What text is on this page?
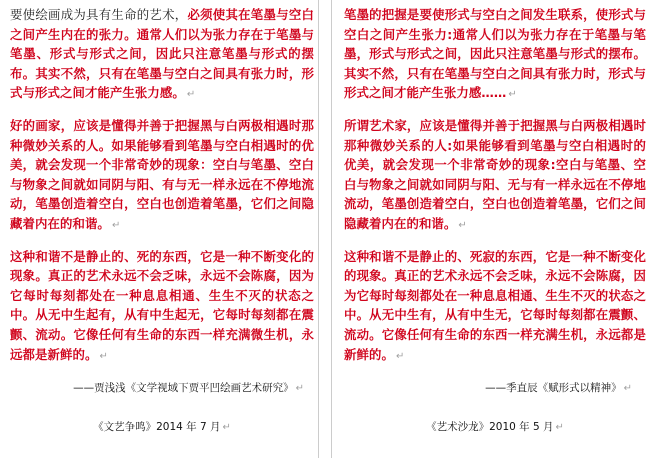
要使绘画成为具有生命的艺术，必须使其在笔墨与空白之间产生内在的张力。通常人们以为张力存在于笔墨与笔墨、形式与形式之间，因此只注意笔墨与形式的摆布。其实不然，只有在笔墨与空白之间具有张力时，形式与形式之间才能产生张力感。 ↵

好的画家，应该是懂得并善于把握黑与白两极相遇时那种微妙关系的人。如果能够看到笔墨与空白相遇时的优美，就会发现一个非常奇妙的现象：空白与笔墨、空白与物象之间就如同阴与阳、有与无一样永远在不停地流动，笔墨创造着空白，空白也创造着笔墨，它们之间隐藏着内在的和谐。 ↵

这种和谐不是静止的、死的东西，它是一种不断变化的现象。真正的艺术永远不会乏味，永远不会陈腐，因为它每时每刻都处在一种息息相通、生生不灭的状态之中。从无中生起有，从有中生起无，它每时每刻都在震颤、流动。它像任何有生命的东西一样充满微生机，永远都是新鲜的。 ↵

——贾浅浅《文学视域下贾平凹绘画艺术研究》 ↵
《文艺争鸣》2014 年 7 月 ↵

笔墨的把握是要使形式与空白之间发生联系，使形式与空白之间产生张力:通常人们以为张力存在于笔墨与笔墨，形式与形式之间，因此只注意笔墨与形式的摆布。其实不然，只有在笔墨与空白之间具有张力时，形式与形式之间才能产生张力感…… ↵

所谓艺术家，应该是懂得并善于把握黑与白两极相遇时那种微妙关系的人:如果能够看到笔墨与空白相遇时的优美，就会发现一个非常奇妙的现象:空白与笔墨、空白与物象之间就如同阴与阳、无与有一样永远在不停地流动，笔墨创造着空白，空白也创造着笔墨，它们之间隐藏着内在的和谐。 ↵

这种和谐不是静止的、死寂的东西，它是一种不断变化的现象。真正的艺术永远不会乏味，永远不会陈腐，因为它每时每刻都处在一种息息相通、生生不灭的状态之中。从无中生有，从有中生无，它每时每刻都在震颤、流动。它像任何有生命的东西一样充满生机，永远都是新鲜的。 ↵

——季直辰《赋形式以精神》 ↵
《艺术沙龙》2010 年 5 月 ↵
